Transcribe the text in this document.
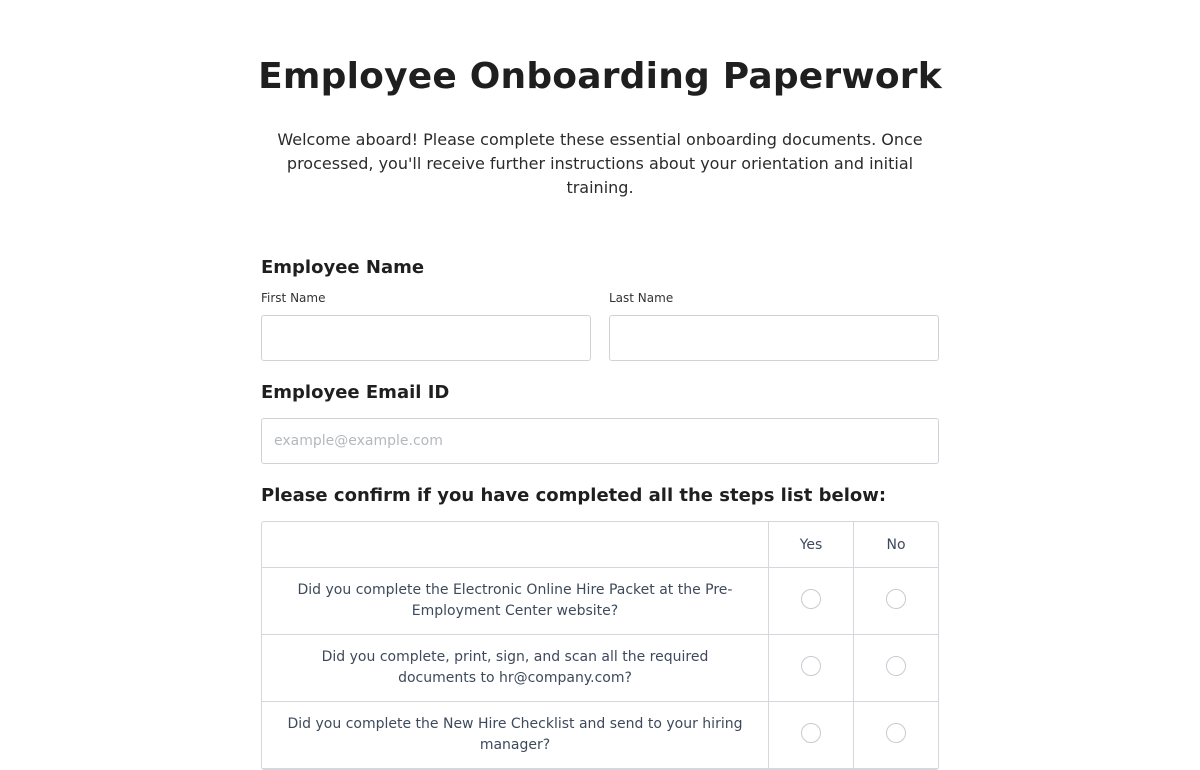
Employee Onboarding Paperwork
Welcome aboard! Please complete these essential onboarding documents. Once processed, you'll receive further instructions about your orientation and initial training.
Employee Name
First Name	Last Name
Employee Email ID
example@example.com
Please confirm if you have completed all the steps list below:
	Yes	No
Did you complete the Electronic Online Hire Packet at the Pre-Employment Center website?		
Did you complete, print, sign, and scan all the required documents to hr@company.com?		
Did you complete the New Hire Checklist and send to your hiring manager?		
